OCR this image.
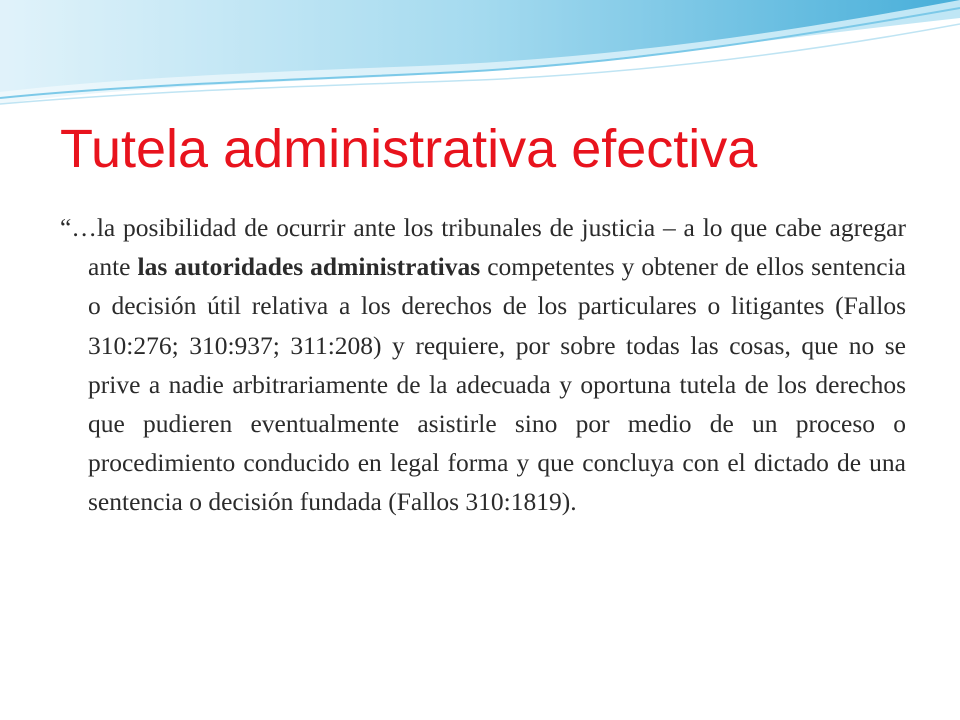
Tutela administrativa efectiva

“…la posibilidad de ocurrir ante los tribunales de justicia – a lo que cabe agregar ante las autoridades administrativas competentes y obtener de ellos sentencia o decisión útil relativa a los derechos de los particulares o litigantes (Fallos 310:276; 310:937; 311:208) y requiere, por sobre todas las cosas, que no se prive a nadie arbitrariamente de la adecuada y oportuna tutela de los derechos que pudieren eventualmente asistirle sino por medio de un proceso o procedimiento conducido en legal forma y que concluya con el dictado de una sentencia o decisión fundada (Fallos 310:1819).
